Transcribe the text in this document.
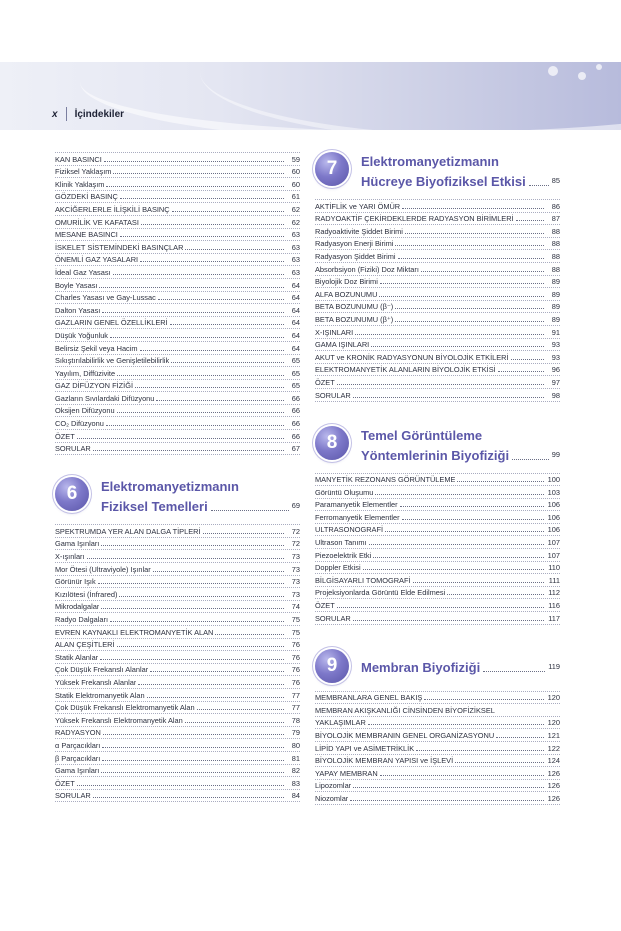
x İçindekiler
KAN BASINCI	59
Fiziksel Yaklaşım	60
Klinik Yaklaşım	60
GÖZDEKİ BASINÇ	61
AKCİĞERLERLE İLİŞKİLİ BASINÇ	62
OMURİLİK VE KAFATASI	62
MESANE BASINCI	63
İSKELET SİSTEMİNDEKİ BASINÇLAR	63
ÖNEMLİ GAZ YASALARI	63
İdeal Gaz Yasası	63
Boyle Yasası	64
Charles Yasası ve Gay-Lussac	64
Dalton Yasası	64
GAZLARIN GENEL ÖZELLİKLERİ	64
Düşük Yoğunluk	64
Belirsiz Şekil veya Hacim	64
Sıkıştırılabilirlik ve Genişletilebilirlik	65
Yayılım, Diffüzivite	65
GAZ DİFÜZYON FİZİĞİ	65
Gazların Sıvılardaki Difüzyonu	66
Oksijen Difüzyonu	66
CO₂ Difüzyonu	66
ÖZET	66
SORULAR	67
6	Elektromanyetizmanın
Fiziksel Temelleri	69
SPEKTRUMDA YER ALAN DALGA TİPLERİ	72
Gama Işınları	72
X-ışınları	73
Mor Ötesi (Ultraviyole) Işınlar	73
Görünür Işık	73
Kızılötesi (İnfrared)	73
Mikrodalgalar	74
Radyo Dalgaları	75
EVREN KAYNAKLI ELEKTROMANYETİK ALAN	75
ALAN ÇEŞİTLERİ	76
Statik Alanlar	76
Çok Düşük Frekanslı Alanlar	76
Yüksek Frekanslı Alanlar	76
Statik Elektromanyetik Alan	77
Çok Düşük Frekanslı Elektromanyetik Alan	77
Yüksek Frekanslı Elektromanyetik Alan	78
RADYASYON	79
α Parçacıkları	80
β Parçacıkları	81
Gama Işınları	82
ÖZET	83
SORULAR	84
7	Elektromanyetizmanın
Hücreye Biyofiziksel Etkisi	85
AKTİFLİK ve YARI ÖMÜR	86
RADYOAKTİF ÇEKİRDEKLERDE RADYASYON BİRİMLERİ	87
Radyoaktivite Şiddet Birimi	88
Radyasyon Enerji Birimi	88
Radyasyon Şiddet Birimi	88
Absorbsiyon (Fiziki) Doz Miktarı	88
Biyolojik Doz Birimi	89
ALFA BOZUNUMU	89
BETA BOZUNUMU (β⁻)	89
BETA BOZUNUMU (β⁺)	89
X-IŞINLARI	91
GAMA IŞINLARI	93
AKUT ve KRONİK RADYASYONUN BİYOLOJİK ETKİLERİ	93
ELEKTROMANYETİK ALANLARIN BİYOLOJİK ETKİSİ	96
ÖZET	97
SORULAR	98
8	Temel Görüntüleme
Yöntemlerinin Biyofiziği	99
MANYETİK REZONANS GÖRÜNTÜLEME	100
Görüntü Oluşumu	103
Paramanyetik Elementler	106
Ferromanyetik Elementler	106
ULTRASONOGRAFİ	106
Ultrason Tanımı	107
Piezoelektrik Etki	107
Doppler Etkisi	110
BİLGİSAYARLI TOMOGRAFİ	111
Projeksiyonlarda Görüntü Elde Edilmesi	112
ÖZET	116
SORULAR	117
9	Membran Biyofiziği	119
MEMBRANLARA GENEL BAKIŞ	120
MEMBRAN AKIŞKANLIĞI CİNSİNDEN BİYOFİZİKSEL
YAKLAŞIMLAR	120
BİYOLOJİK MEMBRANIN GENEL ORGANİZASYONU	121
LİPİD YAPI ve ASİMETRİKLİK	122
BİYOLOJİK MEMBRAN YAPISI ve İŞLEVİ	124
YAPAY MEMBRAN	126
Lipozomlar	126
Niozomlar	126
